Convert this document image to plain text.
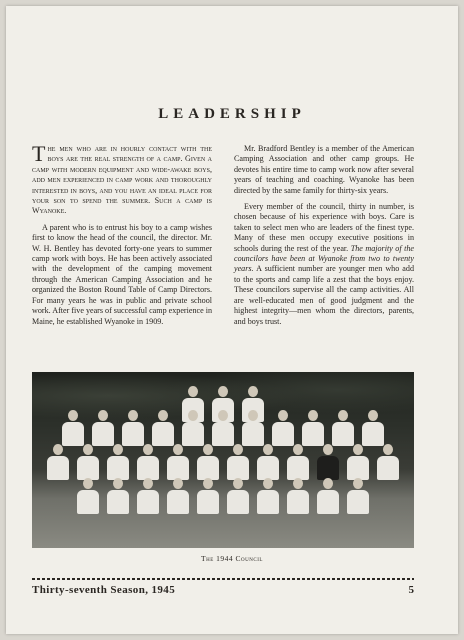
LEADERSHIP

The men who are in hourly contact with the boys are the real strength of a camp. Given a camp with modern equipment and wide-awake boys, add men experienced in camp work and thoroughly interested in boys, and you have an ideal place for your son to spend the summer. Such a camp is Wyanoke.

A parent who is to entrust his boy to a camp wishes first to know the head of the council, the director. Mr. W. H. Bentley has devoted forty-one years to summer camp work with boys. He has been actively associated with the development of the camping movement through the American Camping Association and he organized the Boston Round Table of Camp Directors. For many years he was in public and private school work. After five years of successful camp experience in Maine, he established Wyanoke in 1909.

Mr. Bradford Bentley is a member of the American Camping Association and other camp groups. He devotes his entire time to camp work now after several years of teaching and coaching. Wyanoke has been directed by the same family for thirty-six years.

Every member of the council, thirty in number, is chosen because of his experience with boys. Care is taken to select men who are leaders of the finest type. Many of these men occupy executive positions in schools during the rest of the year. The majority of the councilors have been at Wyanoke from two to twenty years. A sufficient number are younger men who add to the sports and camp life a zest that the boys enjoy. These councilors supervise all the camp activities. All are well-educated men of good judgment and the highest integrity—men whom the directors, parents, and boys trust.

The 1944 Council
Thirty-seventh Season, 1945	5
